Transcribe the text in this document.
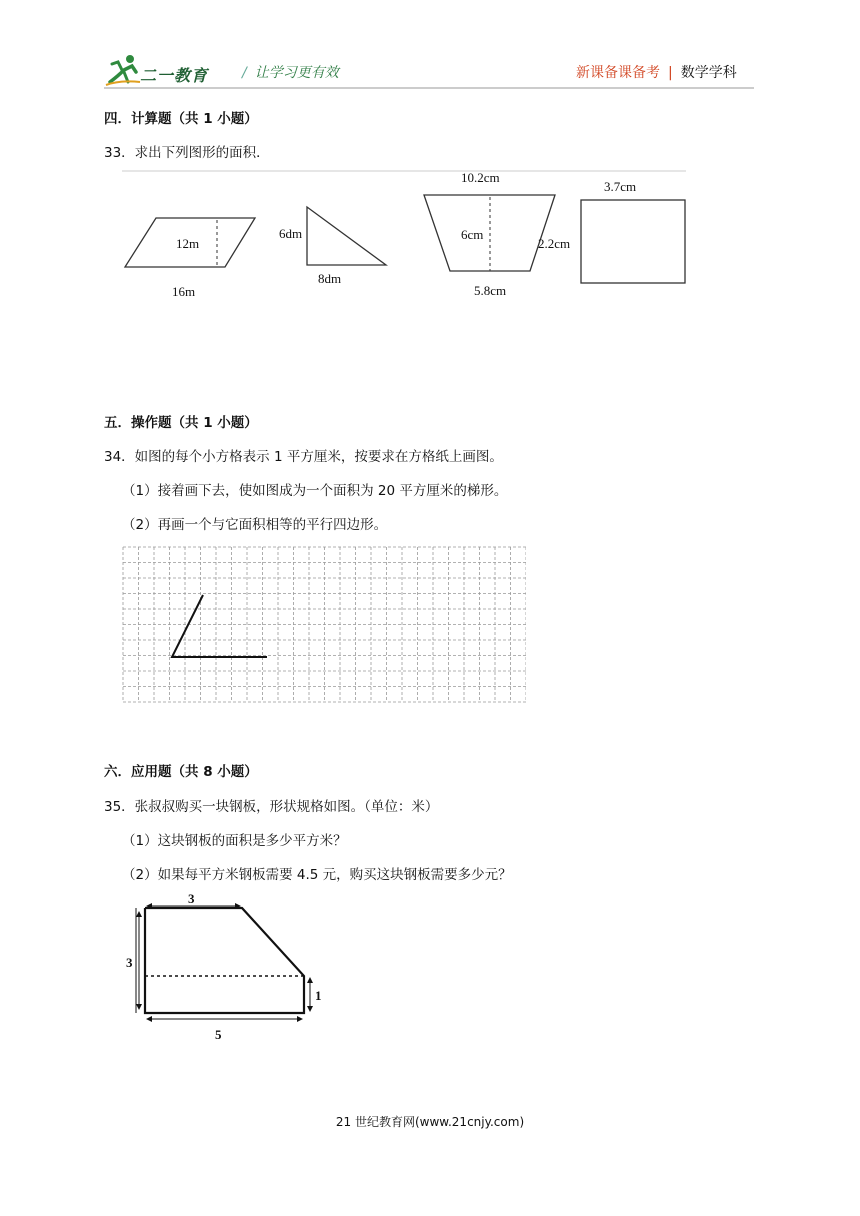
二一教育 / 让学习更有效	新课备课备考 | 数学学科
四．计算题（共 1 小题）
33．求出下列图形的面积．
12m
16m
6dm
8dm
10.2cm
6cm
5.8cm
2.2cm
3.7cm
五．操作题（共 1 小题）
34．如图的每个小方格表示 1 平方厘米，按要求在方格纸上画图。
（1）接着画下去，使如图成为一个面积为 20 平方厘米的梯形。
（2）再画一个与它面积相等的平行四边形。
六．应用题（共 8 小题）
35．张叔叔购买一块钢板，形状规格如图。（单位：米）
（1）这块钢板的面积是多少平方米？
（2）如果每平方米钢板需要 4.5 元，购买这块钢板需要多少元？
3
3
1
5
21 世纪教育网(www.21cnjy.com)
